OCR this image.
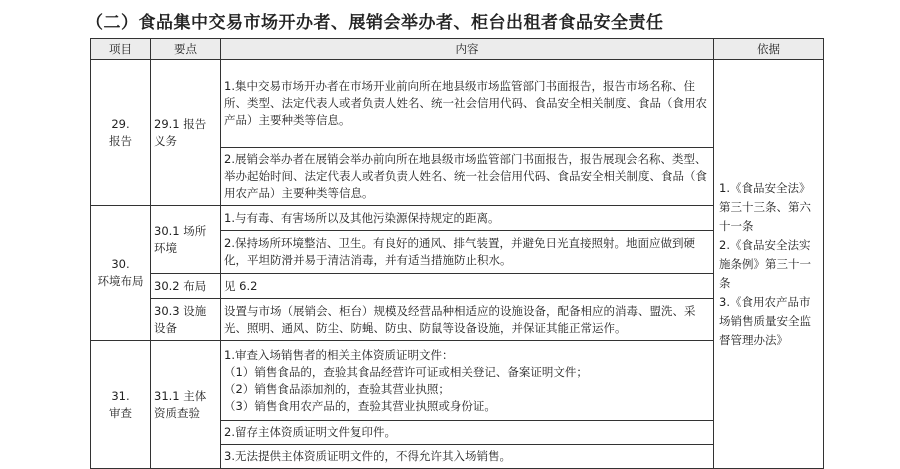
（二）食品集中交易市场开办者、展销会举办者、柜台出租者食品安全责任
项目	要点	内容	依据

29.
报告	29.1 报告义务	1.集中交易市场开办者在市场开业前向所在地县级市场监管部门书面报告，报告市场名称、住所、类型、法定代表人或者负责人姓名、统一社会信用代码、食品安全相关制度、食品（食用农产品）主要种类等信息。	1.《食品安全法》第三十三条、第六十一条
2.《食品安全法实施条例》第三十一条
3.《食用农产品市场销售质量安全监督管理办法》

		2.展销会举办者在展销会举办前向所在地县级市场监管部门书面报告，报告展现会名称、类型、举办起始时间、法定代表人或者负责人姓名、统一社会信用代码、食品安全相关制度、食品（食用农产品）主要种类等信息。	

30.
环境布局	30.1 场所环境	1.与有毒、有害场所以及其他污染源保持规定的距离。	
		2.保持场所环境整洁、卫生。有良好的通风、排气装置，并避免日光直接照射。地面应做到硬化，平坦防滑并易于清洁消毒，并有适当措施防止积水。	
	30.2 布局	见 6.2	
	30.3 设施设备	设置与市场（展销会、柜台）规模及经营品种相适应的设施设备，配备相应的消毒、盟洗、采光、照明、通风、防尘、防蝇、防虫、防鼠等设备设施，并保证其能正常运作。	

31.
审查	31.1 主体资质查验	1.审查入场销售者的相关主体资质证明文件：
（1）销售食品的，查验其食品经营许可证或相关登记、备案证明文件；
（2）销售食品添加剂的，查验其营业执照；
（3）销售食用农产品的，查验其营业执照或身份证。	

		2.留存主体资质证明文件复印件。	
		3.无法提供主体资质证明文件的，不得允许其入场销售。	
